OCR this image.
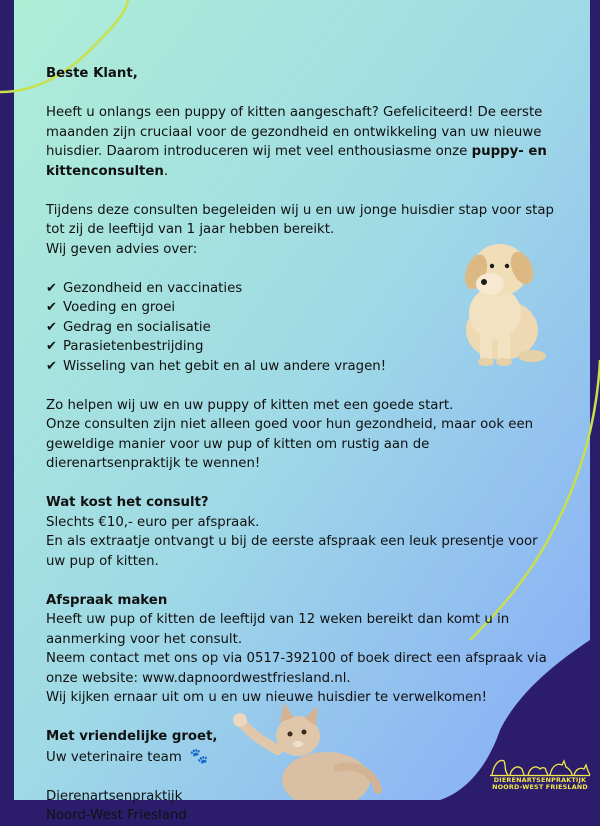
Beste Klant,

Heeft u onlangs een puppy of kitten aangeschaft? Gefeliciteerd! De eerste maanden zijn cruciaal voor de gezondheid en ontwikkeling van uw nieuwe huisdier. Daarom introduceren wij met veel enthousiasme onze puppy- en kittenconsulten.

Tijdens deze consulten begeleiden wij u en uw jonge huisdier stap voor stap tot zij de leeftijd van 1 jaar hebben bereikt.

Wij geven advies over:

✔ Gezondheid en vaccinaties

✔ Voeding en groei

✔ Gedrag en socialisatie

✔ Parasietenbestrijding

✔ Wisseling van het gebit en al uw andere vragen!

Zo helpen wij uw en uw puppy of kitten met een goede start.

Onze consulten zijn niet alleen goed voor hun gezondheid, maar ook een geweldige manier voor uw pup of kitten om rustig aan de dierenartsenpraktijk te wennen!

Wat kost het consult?

Slechts €10,- euro per afspraak.

En als extraatje ontvangt u bij de eerste afspraak een leuk presentje voor uw pup of kitten.

Afspraak maken

Heeft uw pup of kitten de leeftijd van 12 weken bereikt dan komt u in aanmerking voor het consult.

Neem contact met ons op via 0517-392100 of boek direct een afspraak via onze website: www.dapnoordwestfriesland.nl.

Wij kijken ernaar uit om u en uw nieuwe huisdier te verwelkomen!

Met vriendelijke groet,

Uw veterinaire team 🐾

Dierenartsenpraktijk

Noord-West Friesland

DIERENARTSENPRAKTIJK
NOORD-WEST FRIESLAND
